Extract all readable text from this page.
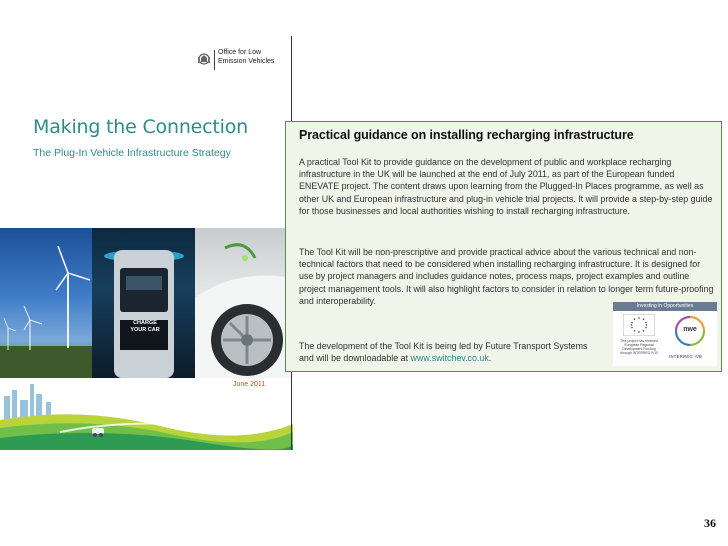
Office for Low
Emission Vehicles
Making the Connection
The Plug-In Vehicle Infrastructure Strategy
CHARGE
YOUR CAR
June 2011
Practical guidance on installing recharging infrastructure

A practical Tool Kit to provide guidance on the development of public and workplace recharging infrastructure in the UK will be launched at the end of July 2011, as part of the European funded ENEVATE project. The content draws upon learning from the Plugged-In Places programme, as well as other UK and European infrastructure and plug-in vehicle trial projects. It will provide a step-by-step guide for those businesses and local authorities wishing to install recharging infrastructure.

The Tool Kit will be non-prescriptive and provide practical advice about the various technical and non-technical factors that need to be considered when installing recharging infrastructure. It is designed for use by project managers and includes guidance notes, process maps, project examples and outline project management tools. It will also highlight factors to consider in relation to longer term future-proofing and interoperability.

The development of the Tool Kit is being led by Future Transport Systems and will be downloadable at www.switchev.co.uk.

Investing in Opportunities
This project has received European Regional Development Funding through INTERREG IV B
nwe
INTERREG IVB
36
